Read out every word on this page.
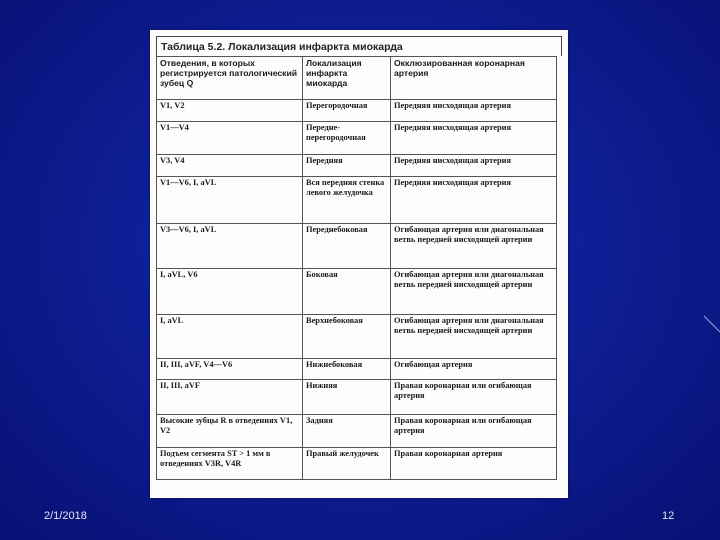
Таблица 5.2. Локализация инфаркта миокарда
Отведения, в которых регистрируется патологический зубец Q	Локализация инфаркта миокарда	Окклюзированная коронарная артерия
V1, V2	Перегородочная	Передняя нисходящая артерия
V1—V4	Передне-перегородочная	Передняя нисходящая артерия
V3, V4	Передняя	Передняя нисходящая артерия
V1—V6, I, aVL	Вся передняя стенка левого желудочка	Передняя нисходящая артерия
V3—V6, I, aVL	Переднебоковая	Огибающая артерия или диагональная ветвь передней нисходящей артерии
I, aVL, V6	Боковая	Огибающая артерия или диагональная ветвь передней нисходящей артерии
I, aVL	Верхнебоковая	Огибающая артерия или диагональная ветвь передней нисходящей артерии
II, III, aVF, V4—V6	Нижнебоковая	Огибающая артерия
II, III, aVF	Нижняя	Правая коронарная или огибающая артерия
Высокие зубцы R в отведениях V1, V2	Задняя	Правая коронарная или огибающая артерия
Подъем сегмента ST > 1 мм в отведениях V3R, V4R	Правый желудочек	Правая коронарная артерия
2/1/2018	12
